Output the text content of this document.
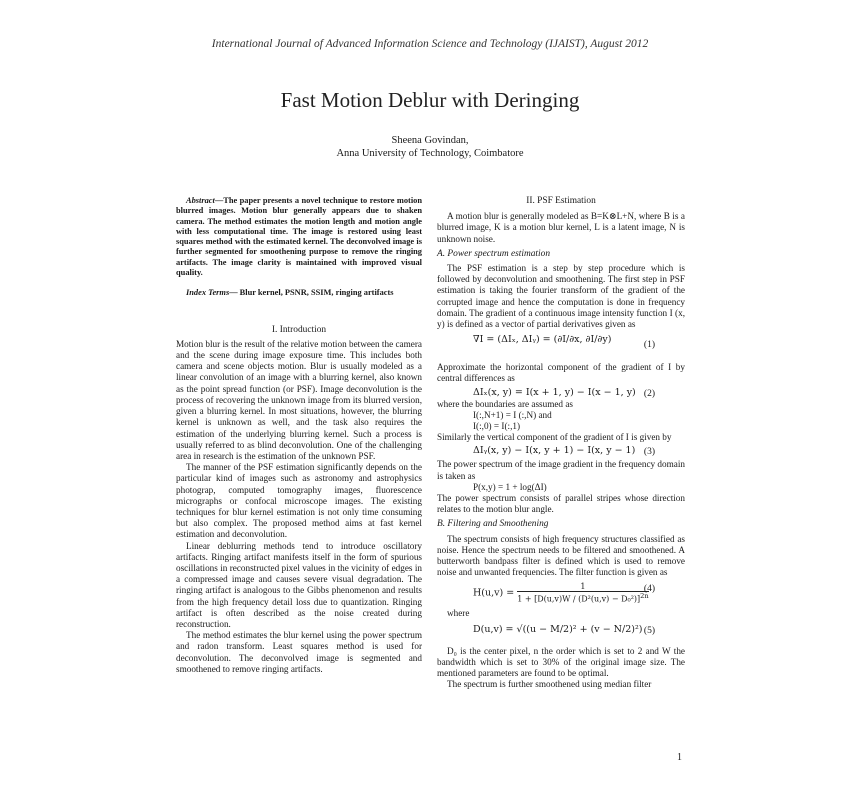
International Journal of Advanced Information Science and Technology (IJAIST), August 2012
Fast Motion Deblur with Deringing
Sheena Govindan,
Anna University of Technology, Coimbatore

Abstract—The paper presents a novel technique to restore motion blurred images. Motion blur generally appears due to shaken camera. The method estimates the motion length and motion angle with less computational time. The image is restored using least squares method with the estimated kernel. The deconvolved image is further segmented for smoothening purpose to remove the ringing artifacts. The image clarity is maintained with improved visual quality.

Index Terms— Blur kernel, PSNR, SSIM, ringing artifacts

I. Introduction

Motion blur is the result of the relative motion between the camera and the scene during image exposure time. This includes both camera and scene objects motion. Blur is usually modeled as a linear convolution of an image with a blurring kernel, also known as the point spread function (or PSF). Image deconvolution is the process of recovering the unknown image from its blurred version, given a blurring kernel. In most situations, however, the blurring kernel is unknown as well, and the task also requires the estimation of the underlying blurring kernel. Such a process is usually referred to as blind deconvolution. One of the challenging area in research is the estimation of the unknown PSF.

The manner of the PSF estimation significantly depends on the particular kind of images such as astronomy and astrophysics photograp, computed tomography images, fluorescence micrographs or confocal microscope images. The existing techniques for blur kernel estimation is not only time consuming but also complex. The proposed method aims at fast kernel estimation and deconvolution.

Linear deblurring methods tend to introduce oscillatory artifacts. Ringing artifact manifests itself in the form of spurious oscillations in reconstructed pixel values in the vicinity of edges in a compressed image and causes severe visual degradation. The ringing artifact is analogous to the Gibbs phenomenon and results from the high frequency detail loss due to quantization. Ringing artifact is often described as the noise created during reconstruction.

The method estimates the blur kernel using the power spectrum and radon transform. Least squares method is used for deconvolution. The deconvolved image is segmented and smoothened to remove ringing artifacts.

II. PSF Estimation

A motion blur is generally modeled as B=K⊗L+N, where B is a blurred image, K is a motion blur kernel, L is a latent image, N is unknown noise.

A. Power spectrum estimation

The PSF estimation is a step by step procedure which is followed by deconvolution and smoothening. The first step in PSF estimation is taking the fourier transform of the gradient of the corrupted image and hence the computation is done in frequency domain. The gradient of a continuous image intensity function I (x, y) is defined as a vector of partial derivatives given as

∇I = (ΔIₓ, ΔIᵧ) = (∂I/∂x, ∂I/∂y)	(1)

Approximate the horizontal component of the gradient of I by central differences as

ΔIₓ(x, y) = I(x + 1, y) − I(x − 1, y) (2)

where the boundaries are assumed as

I(:,N+1) = I (:,N) and

I(:,0) = I(:,1)

Similarly the vertical component of the gradient of I is given by

ΔIᵧ(x, y) − I(x, y + 1) − I(x, y − 1) (3)

The power spectrum of the image gradient in the frequency domain is taken as

P(x,y) = 1 + log(ΔI)

The power spectrum consists of parallel stripes whose direction relates to the motion blur angle.

B. Filtering and Smoothening

The spectrum consists of high frequency structures classified as noise. Hence the spectrum needs to be filtered and smoothened. A butterworth bandpass filter is defined which is used to remove noise and unwanted frequencies. The filter function is given as

$H(u,v) = \frac{1}{1 + [D(u,v)W / (D^2(u,v) - D_0^2)]^{2n}}$
(4)

where

D(u,v) = √((u − M/2)² + (v − N/2)²) (5)

D₀ is the center pixel, n the order which is set to 2 and W the bandwidth which is set to 30% of the original image size. The mentioned parameters are found to be optimal.

The spectrum is further smoothened using median filter

1
